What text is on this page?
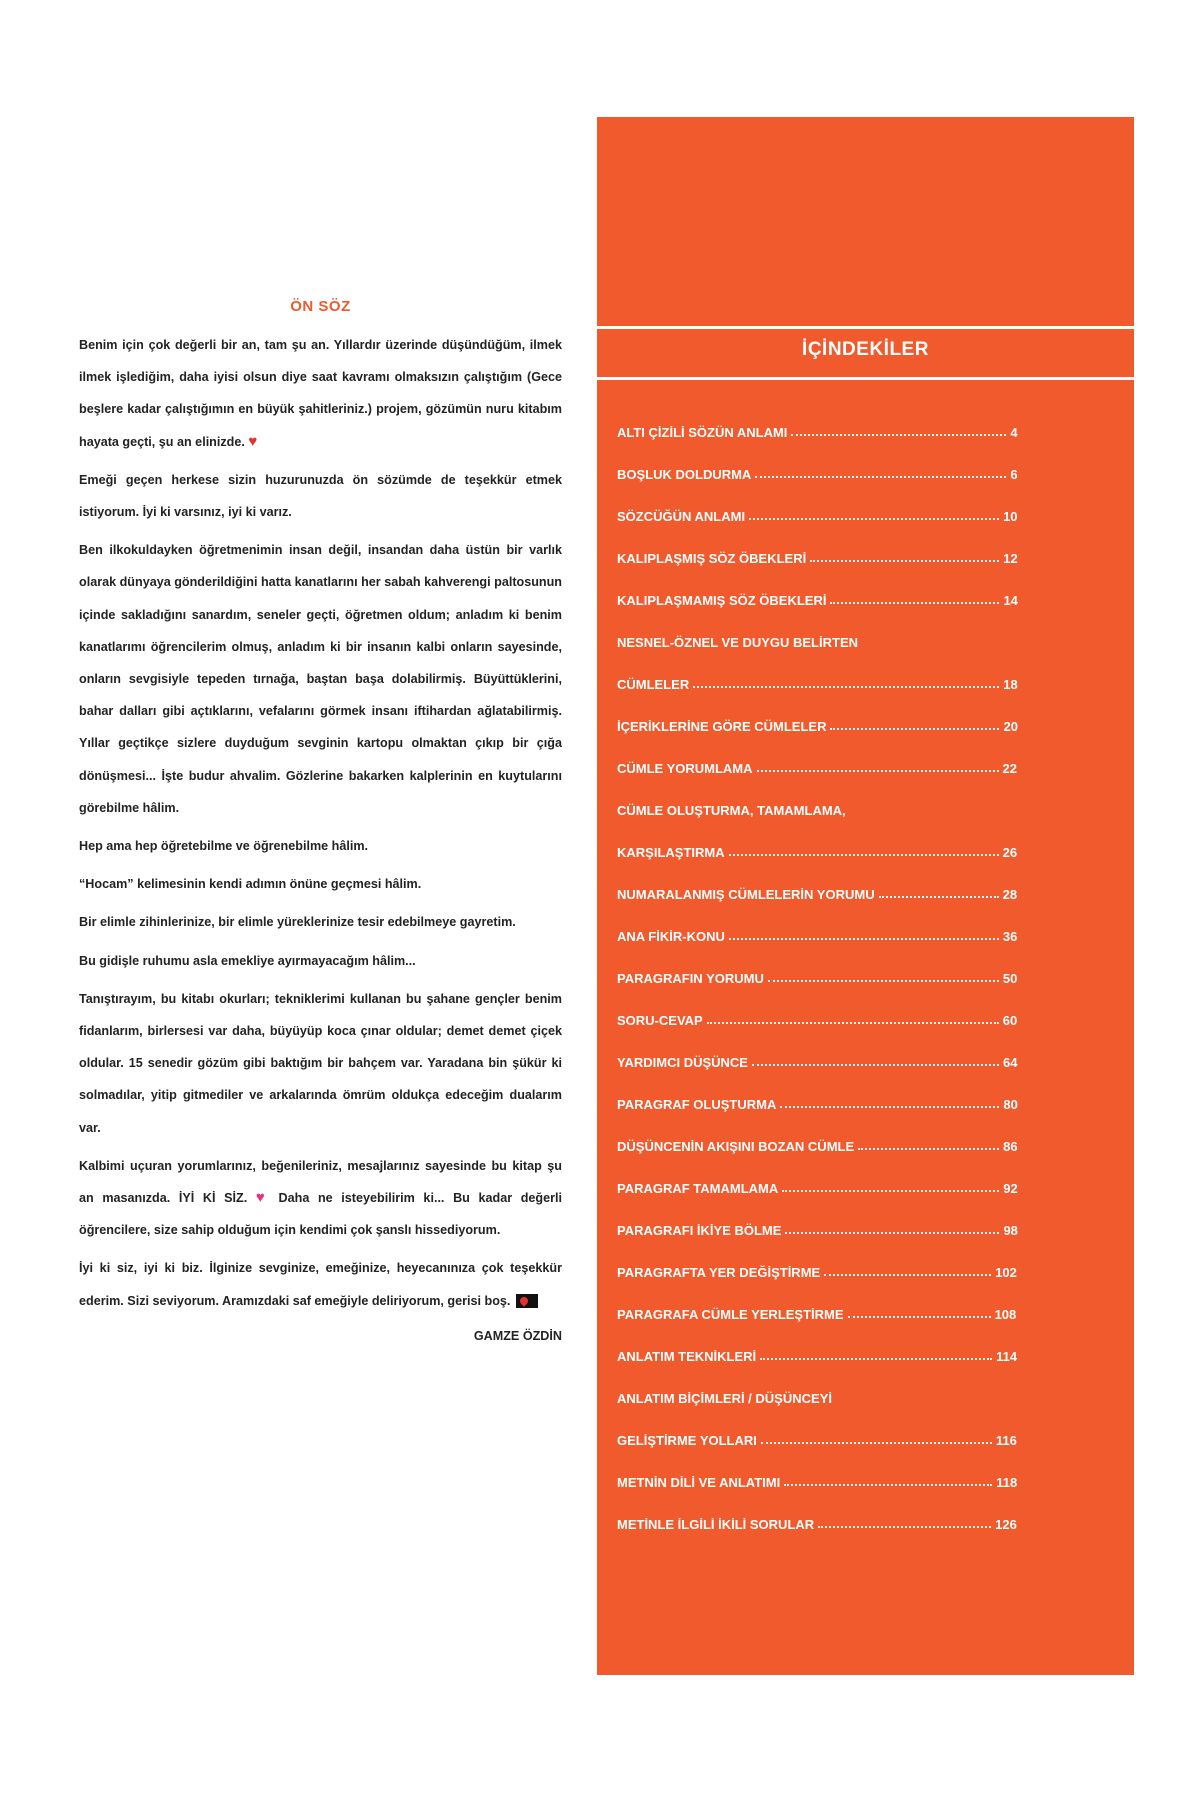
ÖN SÖZ

Benim için çok değerli bir an, tam şu an. Yıllardır üzerinde düşündüğüm, ilmek ilmek işlediğim, daha iyisi olsun diye saat kavramı olmaksızın çalıştığım (Gece beşlere kadar çalıştığımın en büyük şahitleriniz.) projem, gözümün nuru kitabım hayata geçti, şu an elinizde. ♥

Emeği geçen herkese sizin huzurunuzda ön sözümde de teşekkür etmek istiyorum. İyi ki varsınız, iyi ki varız.

Ben ilkokuldayken öğretmenimin insan değil, insandan daha üstün bir varlık olarak dünyaya gönderildiğini hatta kanatlarını her sabah kahverengi paltosunun içinde sakladığını sanardım, seneler geçti, öğretmen oldum; anladım ki benim kanatlarımı öğrencilerim olmuş, anladım ki bir insanın kalbi onların sayesinde, onların sevgisiyle tepeden tırnağa, baştan başa dolabilirmiş. Büyüttüklerini, bahar dalları gibi açtıklarını, vefalarını görmek insanı iftihardan ağlatabilirmiş. Yıllar geçtikçe sizlere duyduğum sevginin kartopu olmaktan çıkıp bir çığa dönüşmesi... İşte budur ahvalim. Gözlerine bakarken kalplerinin en kuytularını görebilme hâlim.

Hep ama hep öğretebilme ve öğrenebilme hâlim.

“Hocam” kelimesinin kendi adımın önüne geçmesi hâlim.

Bir elimle zihinlerinize, bir elimle yüreklerinize tesir edebilmeye gayretim.

Bu gidişle ruhumu asla emekliye ayırmayacağım hâlim...

Tanıştırayım, bu kitabı okurları; tekniklerimi kullanan bu şahane gençler benim fidanlarım, birlersesi var daha, büyüyüp koca çınar oldular; demet demet çiçek oldular. 15 senedir gözüm gibi baktığım bir bahçem var. Yaradana bin şükür ki solmadılar, yitip gitmediler ve arkalarında ömrüm oldukça edeceğim dualarım var.

Kalbimi uçuran yorumlarınız, beğenileriniz, mesajlarınız sayesinde bu kitap şu an masanızda. İYİ Kİ SİZ. ♥ Daha ne isteyebilirim ki... Bu kadar değerli öğrencilere, size sahip olduğum için kendimi çok şanslı hissediyorum.

İyi ki siz, iyi ki biz. İlginize sevginize, emeğinize, heyecanınıza çok teşekkür ederim. Sizi seviyorum. Aramızdaki saf emeğiyle deliriyorum, gerisi boş.

GAMZE ÖZDİN
İÇİNDEKİLER
ALTI ÇİZİLİ SÖZÜN ANLAMI	4
BOŞLUK DOLDURMA	6
SÖZCÜĞÜN ANLAMI	10
KALIPLAŞMIŞ SÖZ ÖBEKLERİ	12
KALIPLAŞMAMIŞ SÖZ ÖBEKLERİ	14
NESNEL-ÖZNEL VE DUYGU BELİRTEN
CÜMLELER	18
İÇERİKLERİNE GÖRE CÜMLELER	20
CÜMLE YORUMLAMA	22
CÜMLE OLUŞTURMA, TAMAMLAMA,
KARŞILAŞTIRMA	26
NUMARALANMIŞ CÜMLELERİN YORUMU	28
ANA FİKİR-KONU	36
PARAGRAFIN YORUMU	50
SORU-CEVAP	60
YARDIMCI DÜŞÜNCE	64
PARAGRAF OLUŞTURMA	80
DÜŞÜNCENİN AKIŞINI BOZAN CÜMLE	86
PARAGRAF TAMAMLAMA	92
PARAGRAFI İKİYE BÖLME	98
PARAGRAFTA YER DEĞİŞTİRME	102
PARAGRAFA CÜMLE YERLEŞTİRME	108
ANLATIM TEKNİKLERİ	114
ANLATIM BİÇİMLERİ / DÜŞÜNCEYİ
GELİŞTİRME YOLLARI	116
METNİN DİLİ VE ANLATIMI	118
METİNLE İLGİLİ İKİLİ SORULAR	126
